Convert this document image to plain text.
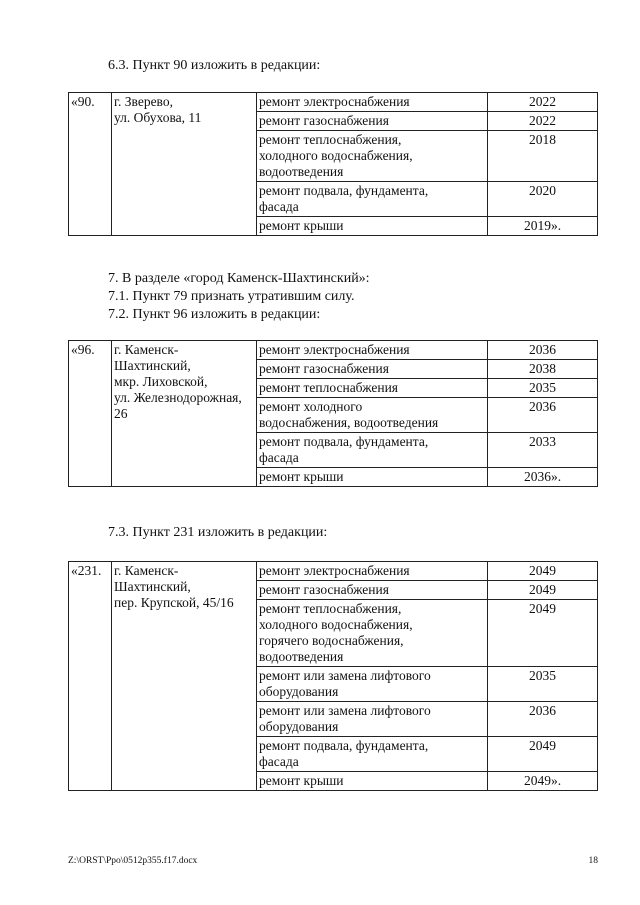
6.3. Пункт 90 изложить в редакции:
«90.	г. Зверево,
ул. Обухова, 11	ремонт электроснабжения	2022

		ремонт газоснабжения	2022

		ремонт теплоснабжения,
холодного водоснабжения,
водоотведения	2018

		ремонт подвала, фундамента,
фасада	2020

		ремонт крыши	2019».
7. В разделе «город Каменск-Шахтинский»:
7.1. Пункт 79 признать утратившим силу.
7.2. Пункт 96 изложить в редакции:
«96.	г. Каменск-
Шахтинский,
мкр. Лиховской,
ул. Железнодорожная,
26	ремонт электроснабжения	2036

		ремонт газоснабжения	2038

		ремонт теплоснабжения	2035

		ремонт холодного
водоснабжения, водоотведения	2036

		ремонт подвала, фундамента,
фасада	2033

		ремонт крыши	2036».
7.3. Пункт 231 изложить в редакции:
«231.	г. Каменск-
Шахтинский,
пер. Крупской, 45/16	ремонт электроснабжения	2049

		ремонт газоснабжения	2049

		ремонт теплоснабжения,
холодного водоснабжения,
горячего водоснабжения,
водоотведения	2049

		ремонт или замена лифтового
оборудования	2035

		ремонт или замена лифтового
оборудования	2036

		ремонт подвала, фундамента,
фасада	2049

		ремонт крыши	2049».
Z:\ORST\Ppo\0512p355.f17.docx	18
